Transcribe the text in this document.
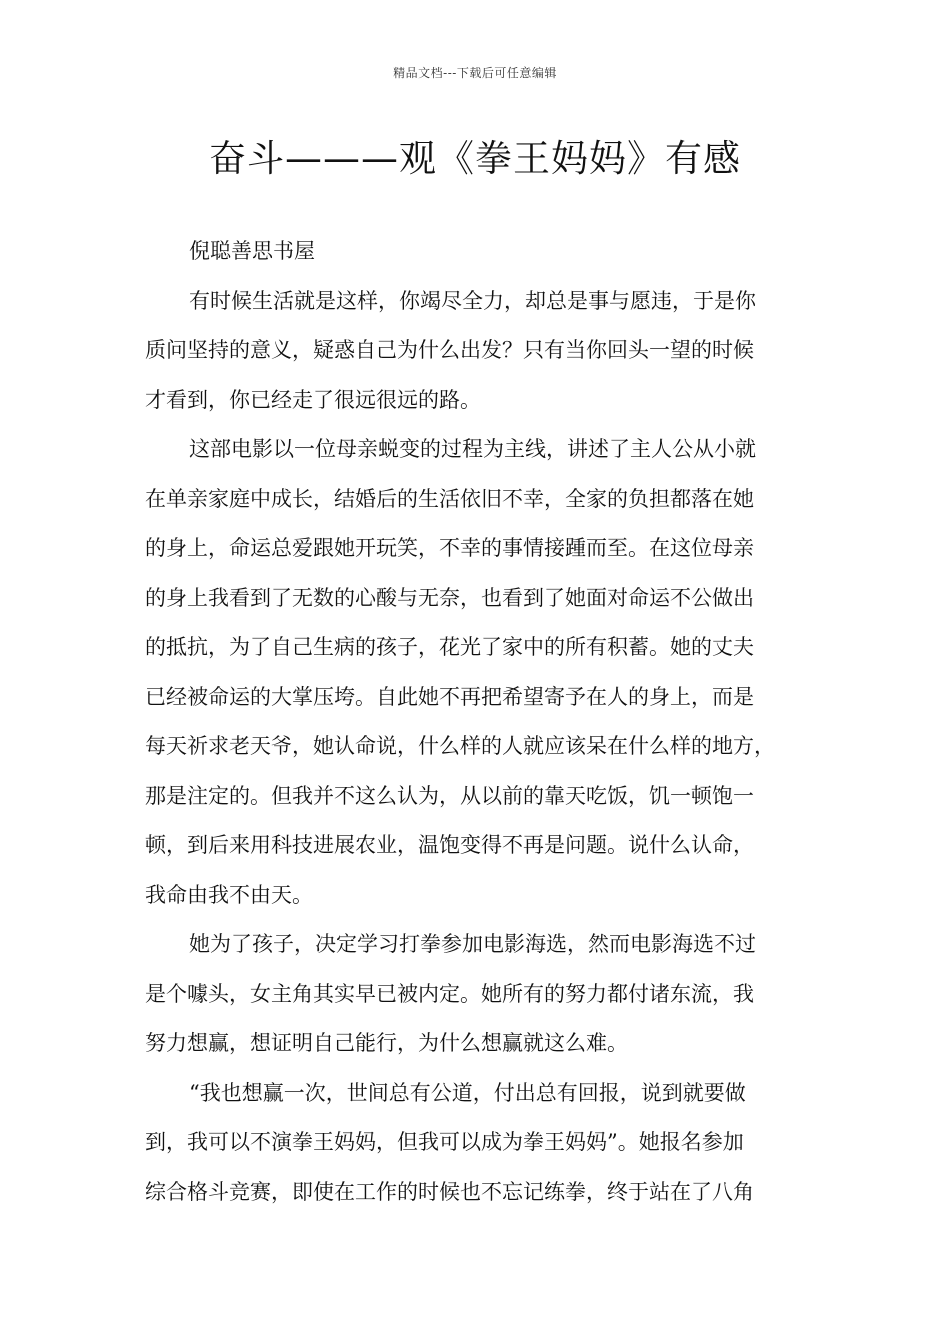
精品文档---下载后可任意编辑
奋斗———观《拳王妈妈》有感
倪聪善思书屋
有时候生活就是这样，你竭尽全力，却总是事与愿违，于是你
质问坚持的意义，疑惑自己为什么出发？只有当你回头一望的时候
才看到，你已经走了很远很远的路。
这部电影以一位母亲蜕变的过程为主线，讲述了主人公从小就
在单亲家庭中成长，结婚后的生活依旧不幸，全家的负担都落在她
的身上，命运总爱跟她开玩笑，不幸的事情接踵而至。在这位母亲
的身上我看到了无数的心酸与无奈，也看到了她面对命运不公做出
的抵抗，为了自己生病的孩子，花光了家中的所有积蓄。她的丈夫
已经被命运的大掌压垮。自此她不再把希望寄予在人的身上，而是
每天祈求老天爷，她认命说，什么样的人就应该呆在什么样的地方，
那是注定的。但我并不这么认为，从以前的靠天吃饭，饥一顿饱一
顿，到后来用科技进展农业，温饱变得不再是问题。说什么认命，
我命由我不由天。
她为了孩子，决定学习打拳参加电影海选，然而电影海选不过
是个噱头，女主角其实早已被内定。她所有的努力都付诸东流，我
努力想赢，想证明自己能行，为什么想赢就这么难。
“我也想赢一次，世间总有公道，付出总有回报，说到就要做
到，我可以不演拳王妈妈，但我可以成为拳王妈妈”。她报名参加
综合格斗竞赛，即使在工作的时候也不忘记练拳，终于站在了八角
